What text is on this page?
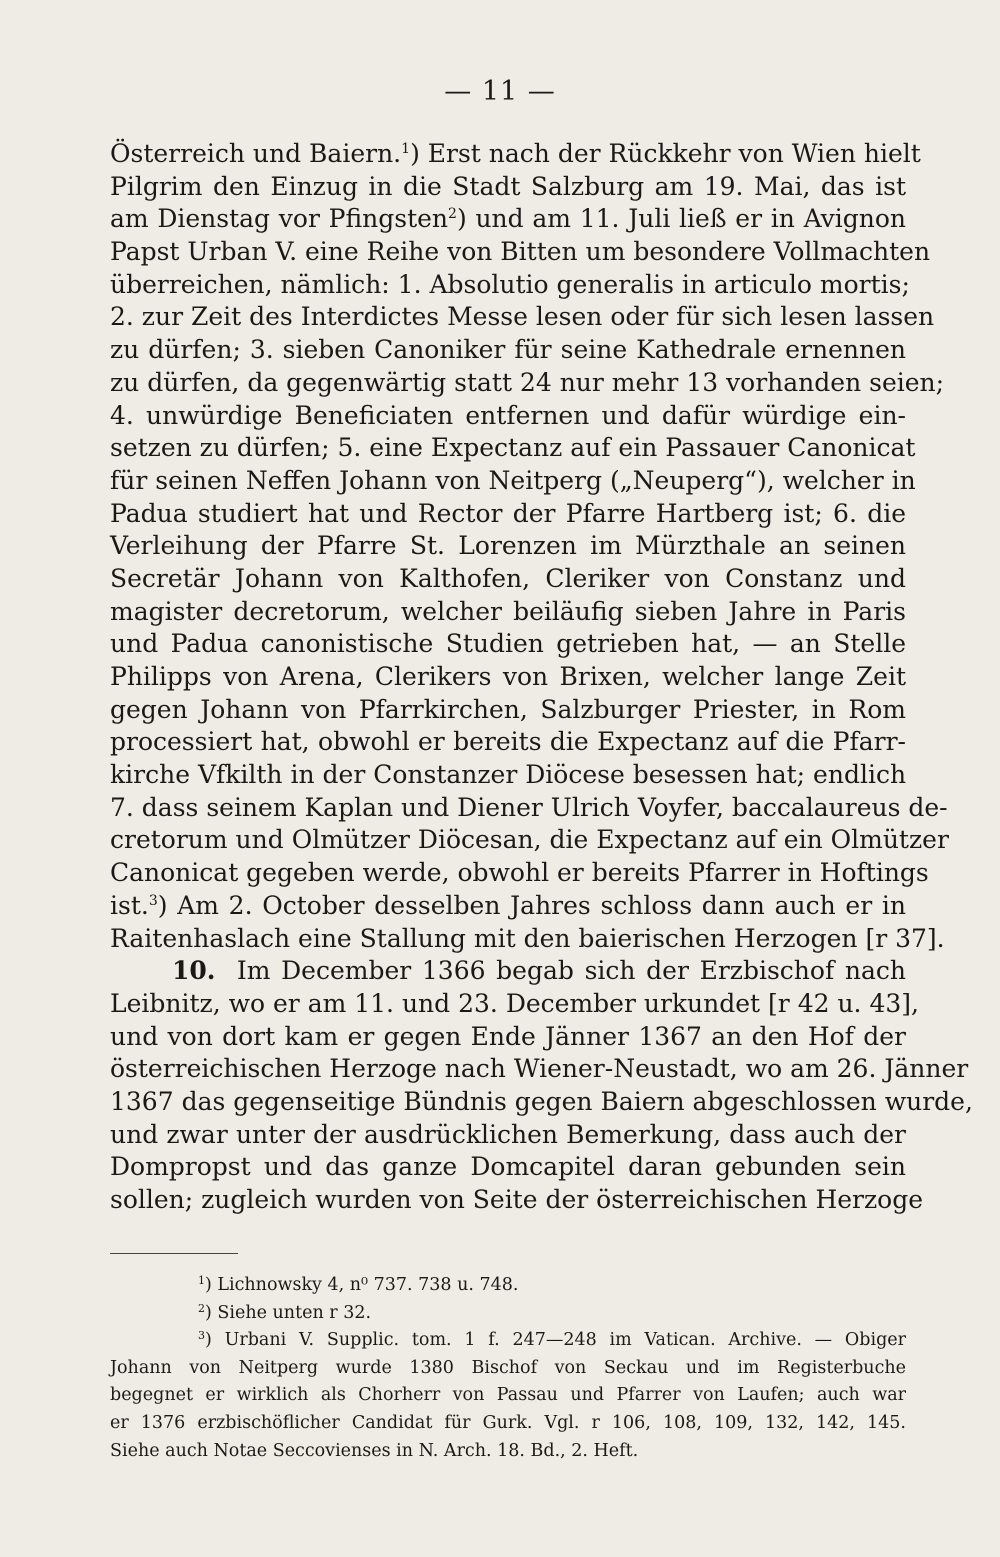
— 11 —
Österreich und Baiern.$^1$) Erst nach der Rückkehr von Wien hielt
Pilgrim den Einzug in die Stadt Salzburg am 19. Mai, das ist
am Dienstag vor Pfingsten$^2$) und am 11. Juli ließ er in Avignon
Papst Urban V. eine Reihe von Bitten um besondere Vollmachten
überreichen, nämlich: 1. Absolutio generalis in articulo mortis;
2. zur Zeit des Interdictes Messe lesen oder für sich lesen lassen
zu dürfen; 3. sieben Canoniker für seine Kathedrale ernennen
zu dürfen, da gegenwärtig statt 24 nur mehr 13 vorhanden seien;
4. unwürdige Beneficiaten entfernen und dafür würdige ein-
setzen zu dürfen; 5. eine Expectanz auf ein Passauer Canonicat
für seinen Neffen Johann von Neitperg („Neuperg“), welcher in
Padua studiert hat und Rector der Pfarre Hartberg ist; 6. die
Verleihung der Pfarre St. Lorenzen im Mürzthale an seinen
Secretär Johann von Kalthofen, Cleriker von Constanz und
magister decretorum, welcher beiläufig sieben Jahre in Paris
und Padua canonistische Studien getrieben hat, — an Stelle
Philipps von Arena, Clerikers von Brixen, welcher lange Zeit
gegen Johann von Pfarrkirchen, Salzburger Priester, in Rom
processiert hat, obwohl er bereits die Expectanz auf die Pfarr-
kirche Vfkilth in der Constanzer Diöcese besessen hat; endlich
7. dass seinem Kaplan und Diener Ulrich Voyfer, baccalaureus de-
cretorum und Olmützer Diöcesan, die Expectanz auf ein Olmützer
Canonicat gegeben werde, obwohl er bereits Pfarrer in Hoftings
ist.$^3$) Am 2. October desselben Jahres schloss dann auch er in
Raitenhaslach eine Stallung mit den baierischen Herzogen [r 37].
10. Im December 1366 begab sich der Erzbischof nach
Leibnitz, wo er am 11. und 23. December urkundet [r 42 u. 43],
und von dort kam er gegen Ende Jänner 1367 an den Hof der
österreichischen Herzoge nach Wiener-Neustadt, wo am 26. Jänner
1367 das gegenseitige Bündnis gegen Baiern abgeschlossen wurde,
und zwar unter der ausdrücklichen Bemerkung, dass auch der
Dompropst und das ganze Domcapitel daran gebunden sein
sollen; zugleich wurden von Seite der österreichischen Herzoge
$^1$) Lichnowsky 4, n⁰ 737. 738 u. 748.
$^2$) Siehe unten r 32.
$^3$) Urbani V. Supplic. tom. 1 f. 247—248 im Vatican. Archive. — Obiger
Johann von Neitperg wurde 1380 Bischof von Seckau und im Registerbuche
begegnet er wirklich als Chorherr von Passau und Pfarrer von Laufen; auch war
er 1376 erzbischöflicher Candidat für Gurk. Vgl. r 106, 108, 109, 132, 142, 145.
Siehe auch Notae Seccovienses in N. Arch. 18. Bd., 2. Heft.
